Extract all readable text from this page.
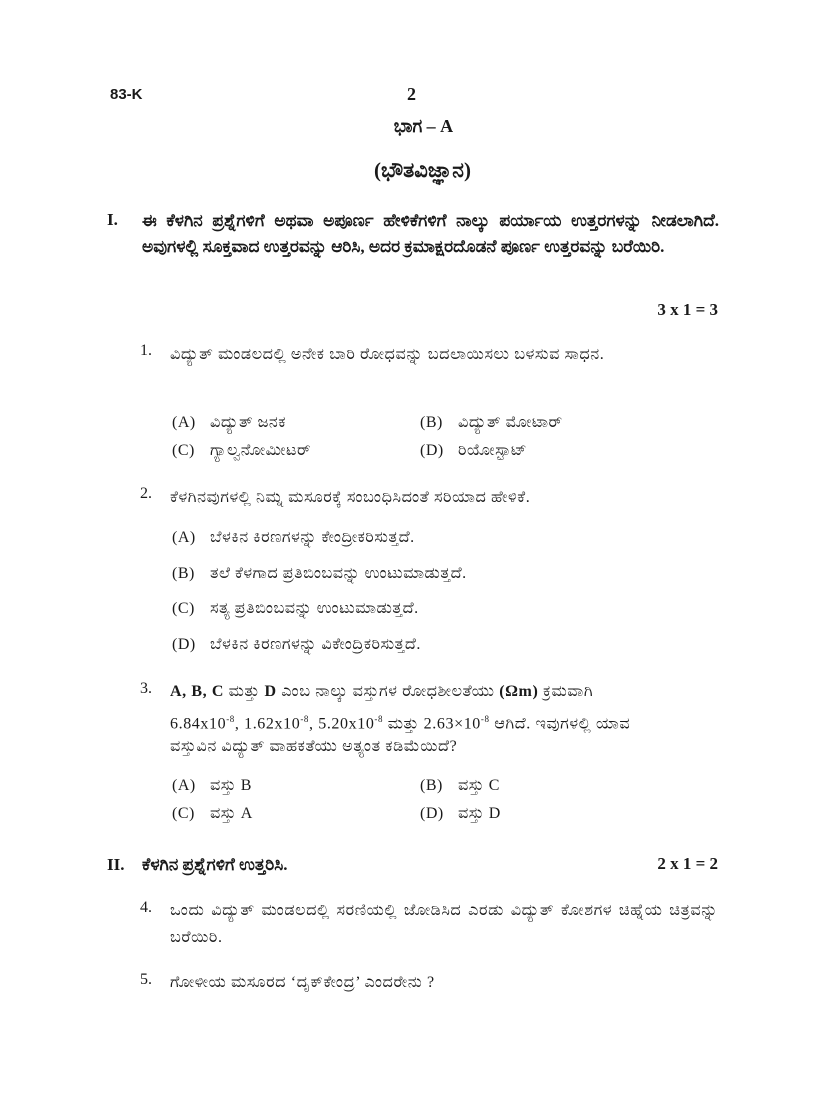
83-K	2
ಭಾಗ – A
(ಭೌತವಿಜ್ಞಾನ)
I. ಈ ಕೆಳಗಿನ ಪ್ರಶ್ನೆಗಳಿಗೆ ಅಥವಾ ಅಪೂರ್ಣ ಹೇಳಿಕೆಗಳಿಗೆ ನಾಲ್ಕು ಪರ್ಯಾಯ ಉತ್ತರಗಳನ್ನು ನೀಡಲಾಗಿದೆ. ಅವುಗಳಲ್ಲಿ ಸೂಕ್ತವಾದ ಉತ್ತರವನ್ನು ಆರಿಸಿ, ಅದರ ಕ್ರಮಾಕ್ಷರದೊಡನೆ ಪೂರ್ಣ ಉತ್ತರವನ್ನು ಬರೆಯಿರಿ.
3 x 1 = 3
1. ವಿದ್ಯುತ್ ಮಂಡಲದಲ್ಲಿ ಅನೇಕ ಬಾರಿ ರೋಧವನ್ನು ಬದಲಾಯಿಸಲು ಬಳಸುವ ಸಾಧನ.
(A) ವಿದ್ಯುತ್ ಜನಕ	(B) ವಿದ್ಯುತ್ ಮೋಟಾರ್
(C) ಗ್ಯಾಲ್ವನೋಮೀಟರ್	(D) ರಿಯೋಸ್ಟಾಟ್
2. ಕೆಳಗಿನವುಗಳಲ್ಲಿ ನಿಮ್ನ ಮಸೂರಕ್ಕೆ ಸಂಬಂಧಿಸಿದಂತೆ ಸರಿಯಾದ ಹೇಳಿಕೆ.
(A) ಬೆಳಕಿನ ಕಿರಣಗಳನ್ನು ಕೇಂದ್ರೀಕರಿಸುತ್ತದೆ.
(B) ತಲೆ ಕೆಳಗಾದ ಪ್ರತಿಬಿಂಬವನ್ನು ಉಂಟುಮಾಡುತ್ತದೆ.
(C) ಸತ್ಯ ಪ್ರತಿಬಿಂಬವನ್ನು ಉಂಟುಮಾಡುತ್ತದೆ.
(D) ಬೆಳಕಿನ ಕಿರಣಗಳನ್ನು ವಿಕೇಂದ್ರಿಕರಿಸುತ್ತದೆ.
3. A, B, C ಮತ್ತು D ಎಂಬ ನಾಲ್ಕು ವಸ್ತುಗಳ ರೋಧಶೀಲತೆಯು (Ωm) ಕ್ರಮವಾಗಿ
$6.84x10^{-8}$, $1.62x10^{-8}$, $5.20x10^{-8}$ ಮತ್ತು $2.63\times 10^{-8}$ ಆಗಿದೆ. ಇವುಗಳಲ್ಲಿ ಯಾವ
ವಸ್ತುವಿನ ವಿದ್ಯುತ್ ವಾಹಕತೆಯು ಅತ್ಯಂತ ಕಡಿಮೆಯಿದೆ?
(A) ವಸ್ತು B	(B) ವಸ್ತು C
(C) ವಸ್ತು A	(D) ವಸ್ತು D
II. ಕೆಳಗಿನ ಪ್ರಶ್ನೆಗಳಿಗೆ ಉತ್ತರಿಸಿ.	2 x 1 = 2
4. ಒಂದು ವಿದ್ಯುತ್ ಮಂಡಲದಲ್ಲಿ ಸರಣಿಯಲ್ಲಿ ಜೋಡಿಸಿದ ಎರಡು ವಿದ್ಯುತ್ ಕೋಶಗಳ ಚಿಹ್ನೆಯ ಚಿತ್ರವನ್ನು ಬರೆಯಿರಿ.
5. ಗೋಳೀಯ ಮಸೂರದ ‘ದೃಕ್‌ಕೇಂದ್ರ’ ಎಂದರೇನು ?
